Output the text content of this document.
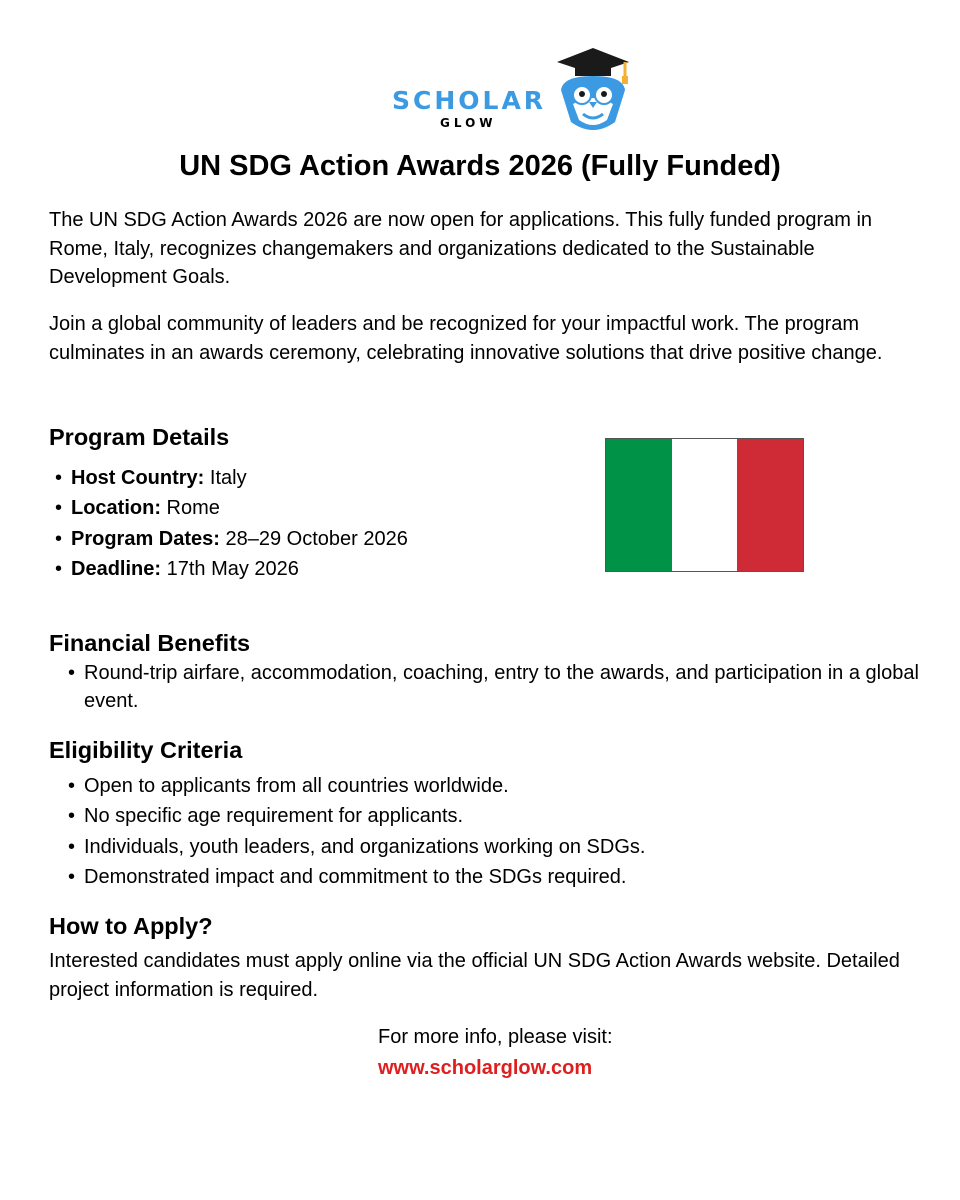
SCHOLAR
GLOW
UN SDG Action Awards 2026 (Fully Funded)

The UN SDG Action Awards 2026 are now open for applications. This fully funded program in Rome, Italy, recognizes changemakers and organizations dedicated to the Sustainable Development Goals.

Join a global community of leaders and be recognized for your impactful work. The program culminates in an awards ceremony, celebrating innovative solutions that drive positive change.

Program Details
• Host Country: Italy
• Location: Rome
• Program Dates: 28–29 October 2026
• Deadline: 17th May 2026
Financial Benefits
• Round-trip airfare, accommodation, coaching, entry to the awards, and participation in a global event.
Eligibility Criteria
• Open to applicants from all countries worldwide.
• No specific age requirement for applicants.
• Individuals, youth leaders, and organizations working on SDGs.
• Demonstrated impact and commitment to the SDGs required.
How to Apply?

Interested candidates must apply online via the official UN SDG Action Awards website. Detailed project information is required.

For more info, please visit:
www.scholarglow.com
